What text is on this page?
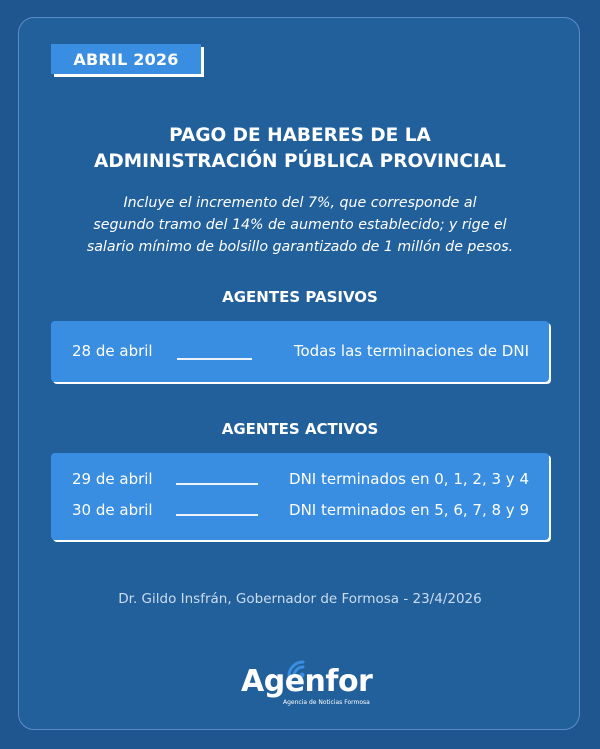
ABRIL 2026
PAGO DE HABERES DE LA
ADMINISTRACIÓN PÚBLICA PROVINCIAL
Incluye el incremento del 7%, que corresponde al
segundo tramo del 14% de aumento establecido; y rige el
salario mínimo de bolsillo garantizado de 1 millón de pesos.
AGENTES PASIVOS
28 de abril	Todas las terminaciones de DNI
AGENTES ACTIVOS
29 de abril	DNI terminados en 0, 1, 2, 3 y 4
30 de abril	DNI terminados en 5, 6, 7, 8 y 9
Dr. Gildo Insfrán, Gobernador de Formosa - 23/4/2026
Agenfor
Agencia de Noticias Formosa
